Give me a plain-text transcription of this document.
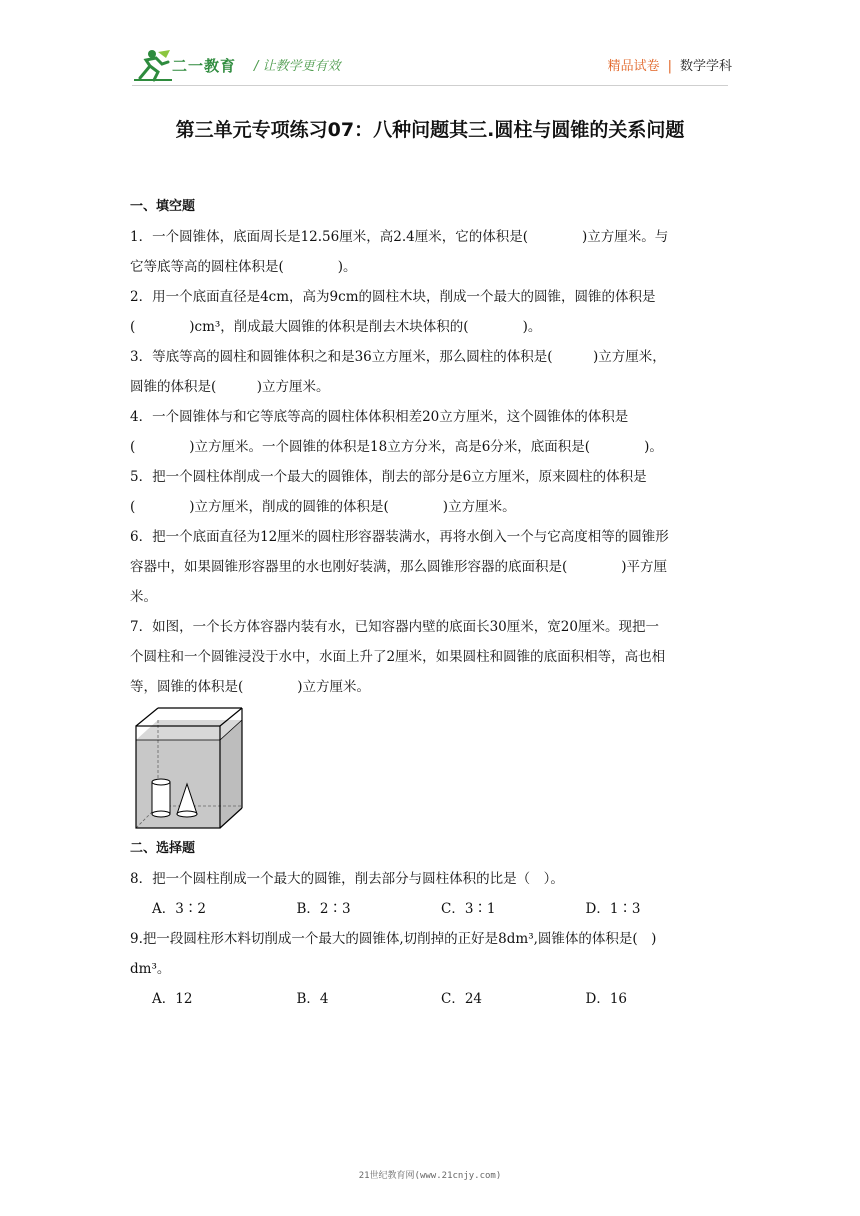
二一教育 / 让教学更有效	精品试卷 | 数学学科
第三单元专项练习07：八种问题其三.圆柱与圆锥的关系问题

一、填空题

1．一个圆锥体，底面周长是12.56厘米，高2.4厘米，它的体积是(　　　　)立方厘米。与
它等底等高的圆柱体积是(　　　　)。

2．用一个底面直径是4cm，高为9cm的圆柱木块，削成一个最大的圆锥，圆锥的体积是
(　　　　)cm³，削成最大圆锥的体积是削去木块体积的(　　　　)。

3．等底等高的圆柱和圆锥体积之和是36立方厘米，那么圆柱的体积是(　　　)立方厘米，
圆锥的体积是(　　　)立方厘米。

4．一个圆锥体与和它等底等高的圆柱体体积相差20立方厘米，这个圆锥体的体积是
(　　　　)立方厘米。一个圆锥的体积是18立方分米，高是6分米，底面积是(　　　　)。

5．把一个圆柱体削成一个最大的圆锥体，削去的部分是6立方厘米，原来圆柱的体积是
(　　　　)立方厘米，削成的圆锥的体积是(　　　　)立方厘米。

6．把一个底面直径为12厘米的圆柱形容器装满水，再将水倒入一个与它高度相等的圆锥形
容器中，如果圆锥形容器里的水也刚好装满，那么圆锥形容器的底面积是(　　　　)平方厘
米。

7．如图，一个长方体容器内装有水，已知容器内壁的底面长30厘米，宽20厘米。现把一
个圆柱和一个圆锥浸没于水中，水面上升了2厘米，如果圆柱和圆锥的底面积相等，高也相
等，圆锥的体积是(　　　　)立方厘米。

二、选择题

8．把一个圆柱削成一个最大的圆锥，削去部分与圆柱体积的比是（　）。

A．3∶2	B．2∶3	C．3∶1	D．1∶3

9.把一段圆柱形木料切削成一个最大的圆锥体,切削掉的正好是8dm³,圆锥体的体积是(　)
dm³。

A．12	B．4	C．24	D．16
21世纪教育网(www.21cnjy.com)
